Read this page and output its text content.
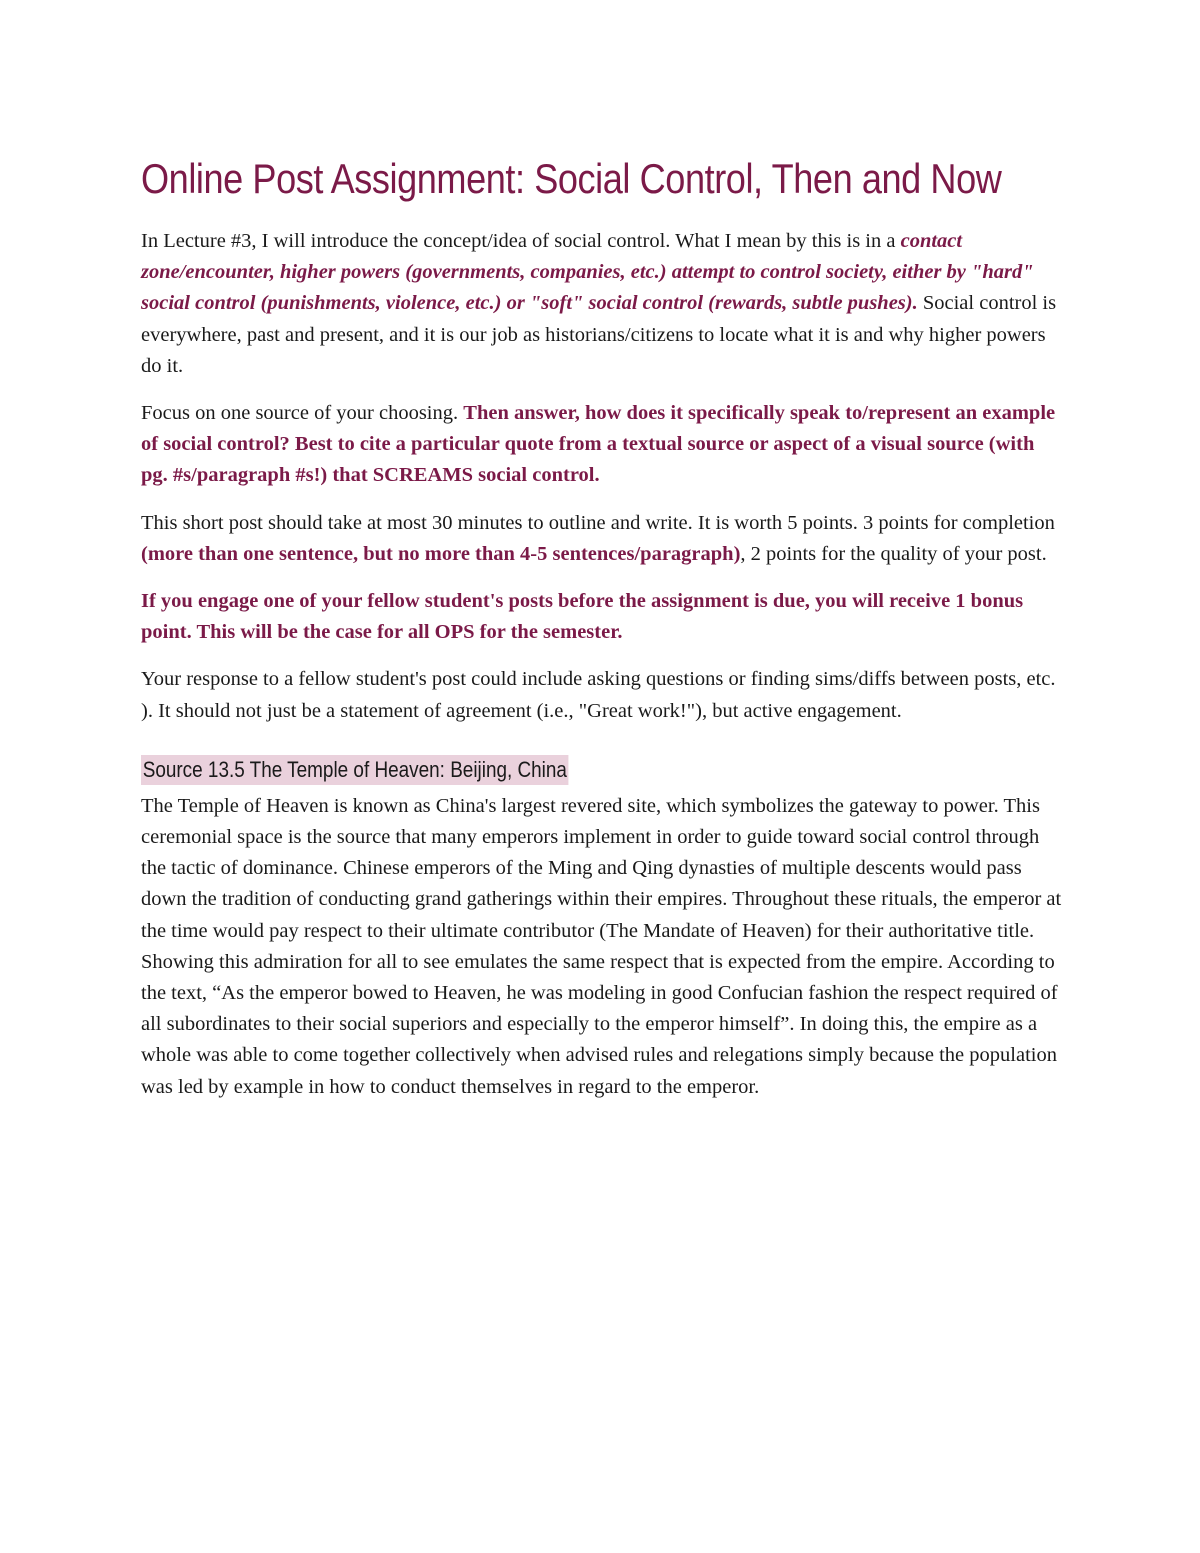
Online Post Assignment: Social Control, Then and Now

In Lecture #3, I will introduce the concept/idea of social control. What I mean by this is in a contact zone/encounter, higher powers (governments, companies, etc.) attempt to control society, either by "hard" social control (punishments, violence, etc.) or "soft" social control (rewards, subtle pushes). Social control is everywhere, past and present, and it is our job as historians/citizens to locate what it is and why higher powers do it.

Focus on one source of your choosing. Then answer, how does it specifically speak to/represent an example of social control? Best to cite a particular quote from a textual source or aspect of a visual source (with pg. #s/paragraph #s!) that SCREAMS social control.

This short post should take at most 30 minutes to outline and write. It is worth 5 points. 3 points for completion (more than one sentence, but no more than 4-5 sentences/paragraph), 2 points for the quality of your post.

If you engage one of your fellow student's posts before the assignment is due, you will receive 1 bonus point. This will be the case for all OPS for the semester.

Your response to a fellow student's post could include asking questions or finding sims/diffs between posts, etc. ). It should not just be a statement of agreement (i.e., "Great work!"), but active engagement.

Source 13.5 The Temple of Heaven: Beijing, China

The Temple of Heaven is known as China's largest revered site, which symbolizes the gateway to power. This ceremonial space is the source that many emperors implement in order to guide toward social control through the tactic of dominance. Chinese emperors of the Ming and Qing dynasties of multiple descents would pass down the tradition of conducting grand gatherings within their empires. Throughout these rituals, the emperor at the time would pay respect to their ultimate contributor (The Mandate of Heaven) for their authoritative title. Showing this admiration for all to see emulates the same respect that is expected from the empire. According to the text, “As the emperor bowed to Heaven, he was modeling in good Confucian fashion the respect required of all subordinates to their social superiors and especially to the emperor himself”. In doing this, the empire as a whole was able to come together collectively when advised rules and relegations simply because the population was led by example in how to conduct themselves in regard to the emperor.
